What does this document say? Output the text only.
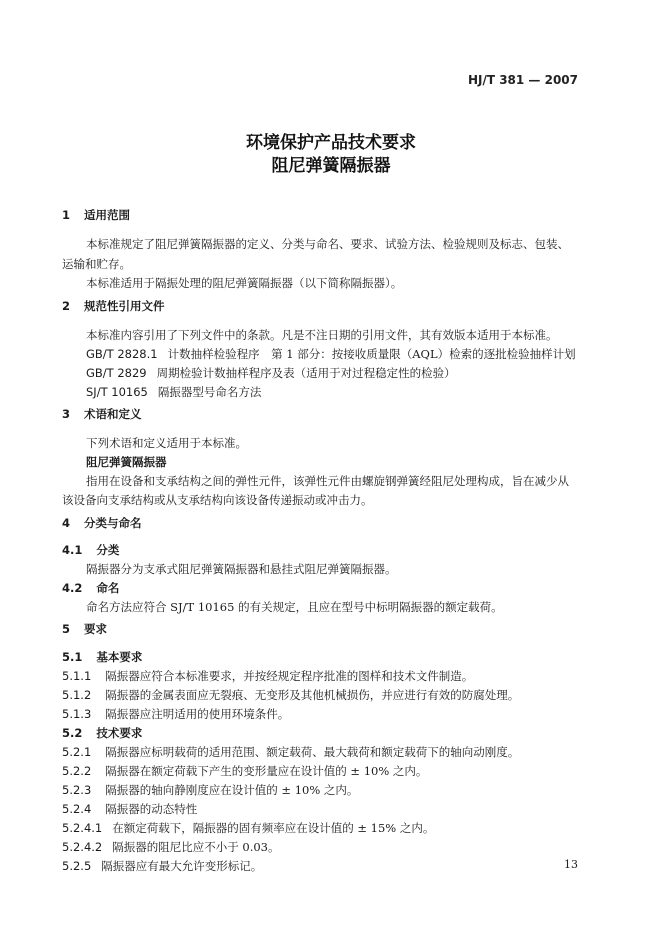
HJ/T 381 — 2007
环境保护产品技术要求
阻尼弹簧隔振器
1 适用范围
本标准规定了阻尼弹簧隔振器的定义、分类与命名、要求、试验方法、检验规则及标志、包装、
运输和贮存。
本标准适用于隔振处理的阻尼弹簧隔振器（以下简称隔振器）。
2 规范性引用文件
本标准内容引用了下列文件中的条款。凡是不注日期的引用文件，其有效版本适用于本标准。
GB/T 2828.1 计数抽样检验程序　第 1 部分：按接收质量限（AQL）检索的逐批检验抽样计划
GB/T 2829 周期检验计数抽样程序及表（适用于对过程稳定性的检验）
SJ/T 10165 隔振器型号命名方法
3 术语和定义
下列术语和定义适用于本标准。
阻尼弹簧隔振器
指用在设备和支承结构之间的弹性元件，该弹性元件由螺旋钢弹簧经阻尼处理构成，旨在减少从
该设备向支承结构或从支承结构向该设备传递振动或冲击力。
4 分类与命名
4.1 分类
隔振器分为支承式阻尼弹簧隔振器和悬挂式阻尼弹簧隔振器。
4.2 命名
命名方法应符合 SJ/T 10165 的有关规定，且应在型号中标明隔振器的额定载荷。
5 要求
5.1 基本要求
5.1.1 隔振器应符合本标准要求，并按经规定程序批准的图样和技术文件制造。
5.1.2 隔振器的金属表面应无裂痕、无变形及其他机械损伤，并应进行有效的防腐处理。
5.1.3 隔振器应注明适用的使用环境条件。
5.2 技术要求
5.2.1 隔振器应标明载荷的适用范围、额定载荷、最大载荷和额定载荷下的轴向动刚度。
5.2.2 隔振器在额定荷载下产生的变形量应在设计值的 ± 10% 之内。
5.2.3 隔振器的轴向静刚度应在设计值的 ± 10% 之内。
5.2.4 隔振器的动态特性
5.2.4.1 在额定荷载下，隔振器的固有频率应在设计值的 ± 15% 之内。
5.2.4.2 隔振器的阻尼比应不小于 0.03。
5.2.5 隔振器应有最大允许变形标记。	13
